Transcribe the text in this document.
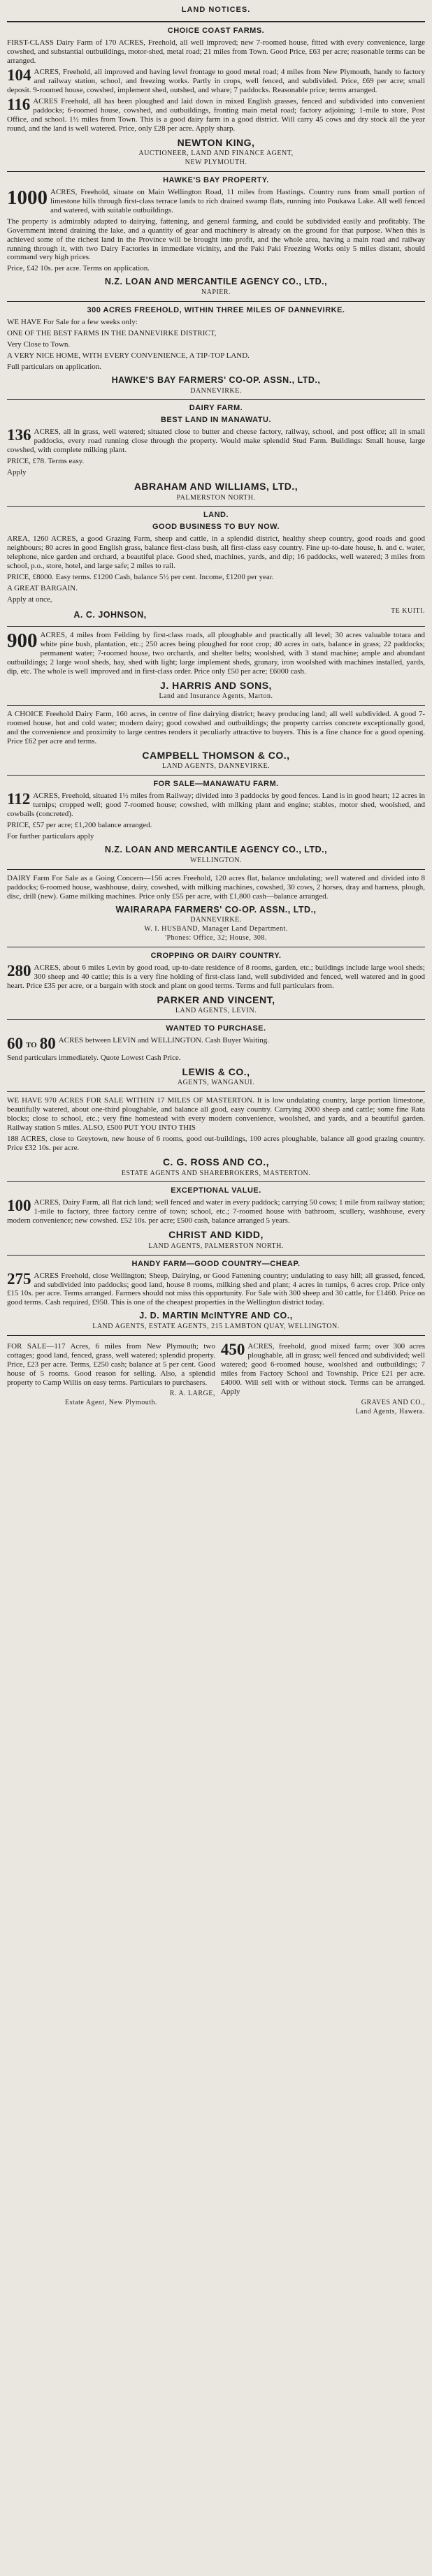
LAND NOTICES.
CHOICE COAST FARMS.

FIRST-CLASS Dairy Farm of 170 ACRES, Freehold, all well improved; new 7-roomed house, fitted with every convenience, large cowshed, and substantial outbuildings, motor-shed, metal road; 21 miles from Town. Good Price, £63 per acre; reasonable terms can be arranged.

104 ACRES, Freehold, all improved and having level frontage to good metal road; 4 miles from New Plymouth, handy to factory and railway station, school, and freezing works. Partly in crops, well fenced, and subdivided. Price, £69 per acre; small deposit. 9-roomed house, cowshed, implement shed, outshed, and whare; 7 paddocks. Reasonable price; terms arranged.

116 ACRES Freehold, all has been ploughed and laid down in mixed English grasses, fenced and subdivided into convenient paddocks; 6-roomed house, cowshed, and outbuildings, fronting main metal road; factory adjoining; 1-mile to store, Post Office, and school. 1½ miles from Town. This is a good dairy farm in a good district. Will carry 45 cows and dry stock all the year round, and the land is well watered. Price, only £28 per acre. Apply sharp.

NEWTON KING,
AUCTIONEER, LAND AND FINANCE AGENT,
NEW PLYMOUTH.
HAWKE'S BAY PROPERTY.

1000 ACRES, Freehold, situate on Main Wellington Road, 11 miles from Hastings. Country runs from small portion of limestone hills through first-class terrace lands to rich drained swamp flats, running into Poukawa Lake. All well fenced and watered, with suitable outbuildings.

The property is admirably adapted to dairying, fattening, and general farming, and could be subdivided easily and profitably. The Government intend draining the lake, and a quantity of gear and machinery is already on the ground for that purpose. When this is achieved some of the richest land in the Province will be brought into profit, and the whole area, having a main road and railway running through it, with two Dairy Factories in immediate vicinity, and the Paki Paki Freezing Works only 5 miles distant, should command very high prices.

Price, £42 10s. per acre. Terms on application.

N.Z. LOAN AND MERCANTILE AGENCY CO., LTD.,
NAPIER.
300 ACRES FREEHOLD, WITHIN THREE MILES OF DANNEVIRKE.

WE HAVE For Sale for a few weeks only:

ONE OF THE BEST FARMS IN THE DANNEVIRKE DISTRICT,

Very Close to Town.

A VERY NICE HOME, WITH EVERY CONVENIENCE, A TIP-TOP LAND.

Full particulars on application.

HAWKE'S BAY FARMERS' CO-OP. ASSN., LTD.,
DANNEVIRKE.
DAIRY FARM.
BEST LAND IN MANAWATU.

136 ACRES, all in grass, well watered; situated close to butter and cheese factory, railway, school, and post office; all in small paddocks, every road running close through the property. Would make splendid Stud Farm. Buildings: Small house, large cowshed, with complete milking plant.

PRICE, £78. Terms easy.

Apply

ABRAHAM AND WILLIAMS, LTD.,
PALMERSTON NORTH.
LAND.
GOOD BUSINESS TO BUY NOW.

AREA, 1260 ACRES, a good Grazing Farm, sheep and cattle, in a splendid district, healthy sheep country, good roads and good neighbours; 80 acres in good English grass, balance first-class bush, all first-class easy country. Fine up-to-date house, h. and c. water, telephone, nice garden and orchard, a beautiful place. Good shed, machines, yards, and dip; 16 paddocks, well watered; 3 miles from school, p.o., store, hotel, and large safe; 2 miles to rail.

PRICE, £8000. Easy terms. £1200 Cash, balance 5½ per cent. Income, £1200 per year.

A GREAT BARGAIN.

Apply at once,

A. C. JOHNSON,	TE KUITI.

900 ACRES, 4 miles from Feilding by first-class roads, all ploughable and practically all level; 30 acres valuable totara and white pine bush, plantation, etc.; 250 acres being ploughed for root crop; 40 acres in oats, balance in grass; 22 paddocks; permanent water; 7-roomed house, two orchards, and shelter belts; woolshed, with 3 stand machine; ample and abundant outbuildings; 2 large wool sheds, hay, shed with light; large implement sheds, granary, iron woolshed with machines installed, yards, dip, etc. The whole is well improved and in first-class order. Price only £50 per acre; £6000 cash.

J. HARRIS AND SONS,
Land and Insurance Agents, Marton.

A CHOICE Freehold Dairy Farm, 160 acres, in centre of fine dairying district; heavy producing land; all well subdivided. A good 7-roomed house, hot and cold water; modern dairy; good cowshed and outbuildings; the property carries concrete exceptionally good, and the convenience and proximity to large centres renders it peculiarly attractive to buyers. This is a fine chance for a good opening. Price £62 per acre and terms.

CAMPBELL THOMSON & CO.,
LAND AGENTS, DANNEVIRKE.
FOR SALE—MANAWATU FARM.

112 ACRES, Freehold, situated 1½ miles from Railway; divided into 3 paddocks by good fences. Land is in good heart; 12 acres in turnips; cropped well; good 7-roomed house; cowshed, with milking plant and engine; stables, motor shed, woolshed, and cowbails (concreted).

PRICE, £57 per acre; £1,200 balance arranged.

For further particulars apply

N.Z. LOAN AND MERCANTILE AGENCY CO., LTD.,
WELLINGTON.

DAIRY Farm For Sale as a Going Concern—156 acres Freehold, 120 acres flat, balance undulating; well watered and divided into 8 paddocks; 6-roomed house, washhouse, dairy, cowshed, with milking machines, cowshed, 30 cows, 2 horses, dray and harness, plough, disc, drill (new). Game milking machines. Price only £55 per acre, with £1,800 cash—balance arranged.

WAIRARAPA FARMERS' CO-OP. ASSN., LTD.,
DANNEVIRKE.
W. I. HUSBAND, Manager Land Department.
'Phones: Office, 32; House, 308.
CROPPING OR DAIRY COUNTRY.

280 ACRES, about 6 miles Levin by good road, up-to-date residence of 8 rooms, garden, etc.; buildings include large wool sheds; 300 sheep and 40 cattle; this is a very fine holding of first-class land, well subdivided and fenced, well watered and in good heart. Price £35 per acre, or a bargain with stock and plant on good terms. Terms and full particulars from.

PARKER AND VINCENT,
LAND AGENTS, LEVIN.
WANTED TO PURCHASE.

60 TO 80 ACRES between LEVIN and WELLINGTON. Cash Buyer Waiting.

Send particulars immediately. Quote Lowest Cash Price.

LEWIS & CO.,
AGENTS, WANGANUI.

WE HAVE 970 ACRES FOR SALE WITHIN 17 MILES OF MASTERTON. It is low undulating country, large portion limestone, beautifully watered, about one-third ploughable, and balance all good, easy country. Carrying 2000 sheep and cattle; some fine Rata blocks; close to school, etc.; very fine homestead with every modern convenience, woolshed, and yards, and a beautiful garden. Railway station 5 miles. ALSO, £500 PUT YOU INTO THIS

188 ACRES, close to Greytown, new house of 6 rooms, good out-buildings, 100 acres ploughable, balance all good grazing country. Price £32 10s. per acre.

C. G. ROSS AND CO.,
ESTATE AGENTS AND SHAREBROKERS, MASTERTON.
EXCEPTIONAL VALUE.

100 ACRES, Dairy Farm, all flat rich land; well fenced and water in every paddock; carrying 50 cows; 1 mile from railway station; 1-mile to factory, three factory centre of town; school, etc.; 7-roomed house with bathroom, scullery, washhouse, every modern convenience; new cowshed. £52 10s. per acre; £500 cash, balance arranged 5 years.

CHRIST AND KIDD,
LAND AGENTS, PALMERSTON NORTH.
HANDY FARM—GOOD COUNTRY—CHEAP.

275 ACRES Freehold, close Wellington; Sheep, Dairying, or Good Fattening country; undulating to easy hill; all grassed, fenced, and subdivided into paddocks; good land, house 8 rooms, milking shed and plant; 4 acres in turnips, 6 acres crop. Price only £15 10s. per acre. Terms arranged. Farmers should not miss this opportunity. For Sale with 300 sheep and 30 cattle, for £1460. Price on good terms. Cash required, £950. This is one of the cheapest properties in the Wellington district today.

J. D. MARTIN McINTYRE AND CO.,
LAND AGENTS, ESTATE AGENTS, 215 LAMBTON QUAY, WELLINGTON.

FOR SALE—117 Acres, 6 miles from New Plymouth; two cottages; good land, fenced, grass, well watered; splendid property. Price, £23 per acre. Terms, £250 cash; balance at 5 per cent. Good house of 5 rooms. Good reason for selling. Also, a splendid property to Camp Willis on easy terms. Particulars to purchasers.

R. A. LARGE,
Estate Agent, New Plymouth.

450 ACRES, freehold, good mixed farm; over 300 acres ploughable, all in grass; well fenced and subdivided; well watered; good 6-roomed house, woolshed and outbuildings; 7 miles from Factory School and Township. Price £21 per acre. £4000. Will sell with or without stock. Terms can be arranged. Apply

GRAVES AND CO.,
Land Agents, Hawera.
